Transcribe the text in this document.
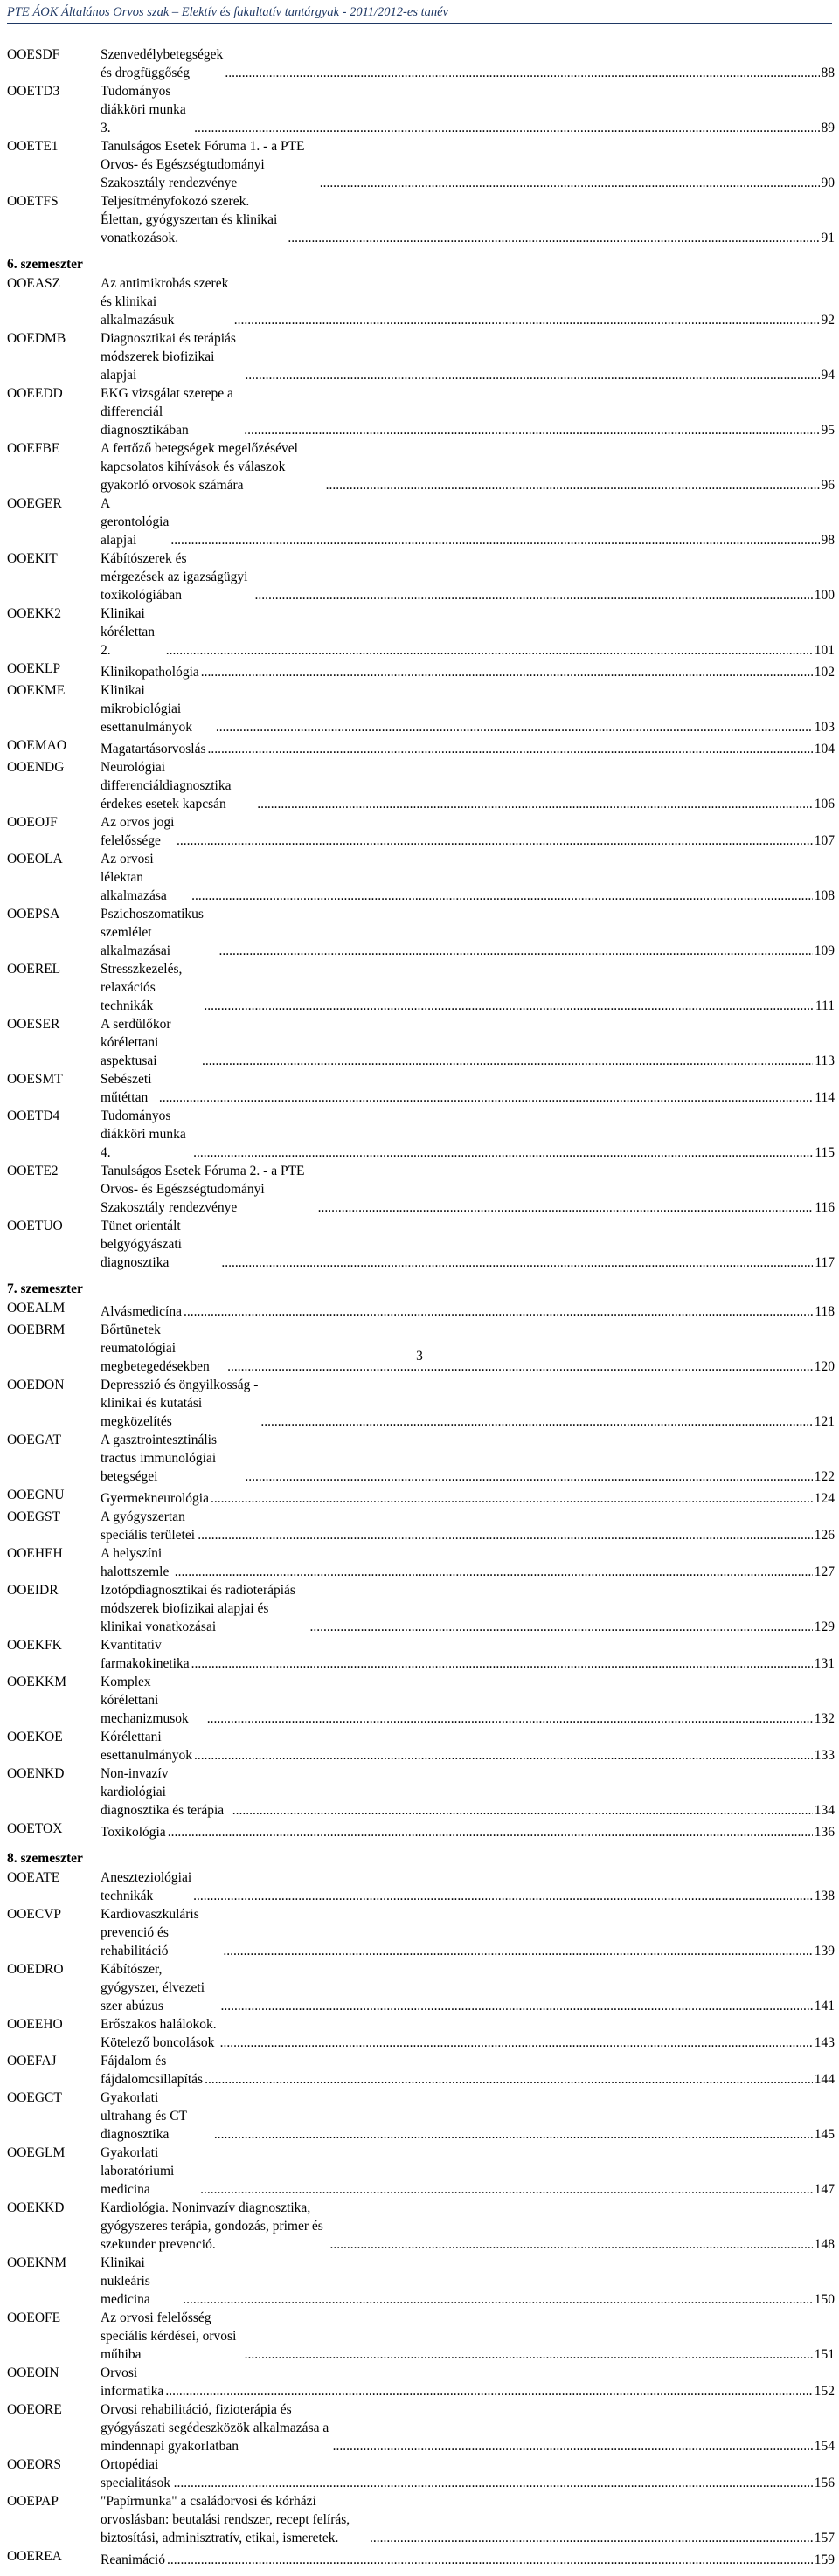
PTE ÁOK Általános Orvos szak – Elektív és fakultatív tantárgyak - 2011/2012-es tanév
OOESDF	Szenvedélybetegségek és drogfüggőség .....	88
OOETD3	Tudományos diákköri munka 3. .....	89
OOETE1	Tanulságos Esetek Fóruma 1. - a PTE Orvos- és Egészségtudományi Szakosztály rendezvénye .....	90
OOETFS	Teljesítményfokozó szerek. Élettan, gyógyszertan és klinikai vonatkozások. .....	91
6. szemeszter
OOEASZ	Az antimikrobás szerek és klinikai alkalmazásuk .....	92
OOEDMB	Diagnosztikai és terápiás módszerek biofizikai alapjai .....	94
OOEEDD	EKG vizsgálat szerepe a differenciál diagnosztikában .....	95
OOEFBE	A fertőző betegségek megelőzésével kapcsolatos kihívások és válaszok gyakorló orvosok számára .....	96
OOEGER	A gerontológia alapjai .....	98
OOEKIT	Kábítószerek és mérgezések az igazságügyi toxikológiában .....	100
OOEKK2	Klinikai kórélettan 2. .....	101
OOEKLP	Klinikopathológia .....	102
OOEKME	Klinikai mikrobiológiai esettanulmányok .....	103
OOEMAO	Magatartásorvoslás .....	104
OOENDG	Neurológiai differenciáldiagnosztika érdekes esetek kapcsán .....	106
OOEOJF	Az orvos jogi felelőssége .....	107
OOEOLA	Az orvosi lélektan alkalmazása .....	108
OOEPSA	Pszichoszomatikus szemlélet alkalmazásai .....	109
OOEREL	Stresszkezelés, relaxációs technikák .....	111
OOESER	A serdülőkor kórélettani aspektusai .....	113
OOESMT	Sebészeti műtéttan .....	114
OOETD4	Tudományos diákköri munka 4. .....	115
OOETE2	Tanulságos Esetek Fóruma 2. - a PTE Orvos- és Egészségtudományi Szakosztály rendezvénye .....	116
OOETUO	Tünet orientált belgyógyászati diagnosztika .....	117
7. szemeszter
OOEALM	Alvásmedicína .....	118
OOEBRM	Bőrtünetek reumatológiai megbetegedésekben .....	120
OOEDON	Depresszió és öngyilkosság - klinikai és kutatási megközelítés .....	121
OOEGAT	A gasztrointesztinális tractus immunológiai betegségei .....	122
OOEGNU	Gyermekneurológia .....	124
OOEGST	A gyógyszertan speciális területei .....	126
OOEHEH	A helyszíni halottszemle .....	127
OOEIDR	Izotópdiagnosztikai és radioterápiás módszerek biofizikai alapjai és klinikai vonatkozásai .....	129
OOEKFK	Kvantitatív farmakokinetika .....	131
OOEKKM	Komplex kórélettani mechanizmusok .....	132
OOEKOE	Kórélettani esettanulmányok .....	133
OOENKD	Non-invazív kardiológiai diagnosztika és terápia .....	134
OOETOX	Toxikológia .....	136
8. szemeszter
OOEATE	Aneszteziológiai technikák .....	138
OOECVP	Kardiovaszkuláris prevenció és rehabilitáció .....	139
OOEDRO	Kábítószer, gyógyszer, élvezeti szer abúzus .....	141
OOEEHO	Erőszakos halálokok. Kötelező boncolások .....	143
OOEFAJ	Fájdalom és fájdalomcsillapítás .....	144
OOEGCT	Gyakorlati ultrahang és CT diagnosztika .....	145
OOEGLM	Gyakorlati laboratóriumi medicina .....	147
OOEKKD	Kardiológia. Noninvazív diagnosztika, gyógyszeres terápia, gondozás, primer és szekunder prevenció. .....	148
OOEKNM	Klinikai nukleáris medicina .....	150
OOEOFE	Az orvosi felelősség speciális kérdései, orvosi műhiba .....	151
OOEOIN	Orvosi informatika .....	152
OOEORE	Orvosi rehabilitáció, fizioterápia és gyógyászati segédeszközök alkalmazása a mindennapi gyakorlatban .....	154
OOEORS	Ortopédiai specialitások .....	156
OOEPAP	"Papírmunka" a családorvosi és kórházi orvoslásban: beutalási rendszer, recept felírás, biztosítási, adminisztratív, etikai, ismeretek. .....	157
OOEREA	Reanimáció .....	159
3
